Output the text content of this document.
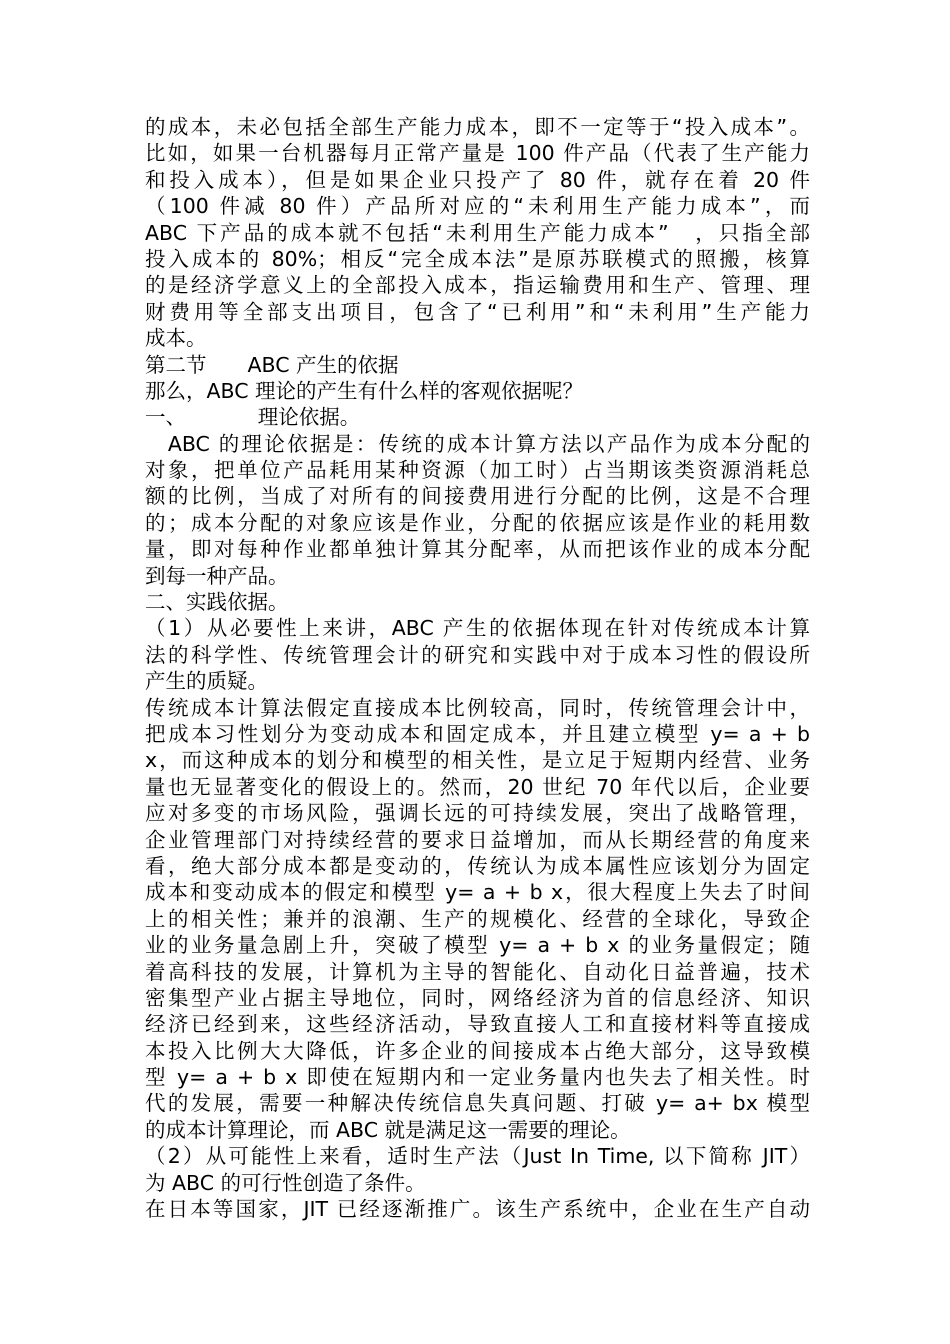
的成本，未必包括全部生产能力成本，即不一定等于“投入成本”。
比如，如果一台机器每月正常产量是 100 件产品（代表了生产能力
和投入成本），但是如果企业只投产了 80 件，就存在着 20 件
（100 件减 80 件）产品所对应的“未利用生产能力成本”，而
ABC 下产品的成本就不包括“未利用生产能力成本”　，只指全部
投入成本的 80%；相反“完全成本法”是原苏联模式的照搬，核算
的是经济学意义上的全部投入成本，指运输费用和生产、管理、理
财费用等全部支出项目，包含了“已利用”和“未利用”生产能力
成本。
第二节　　ABC 产生的依据
那么，ABC 理论的产生有什么样的客观依据呢？
一、　　　　理论依据。
　ABC 的理论依据是：传统的成本计算方法以产品作为成本分配的
对象，把单位产品耗用某种资源（加工时）占当期该类资源消耗总
额的比例，当成了对所有的间接费用进行分配的比例，这是不合理
的；成本分配的对象应该是作业，分配的依据应该是作业的耗用数
量，即对每种作业都单独计算其分配率，从而把该作业的成本分配
到每一种产品。
二、实践依据。
（1）从必要性上来讲，ABC 产生的依据体现在针对传统成本计算
法的科学性、传统管理会计的研究和实践中对于成本习性的假设所
产生的质疑。
传统成本计算法假定直接成本比例较高，同时，传统管理会计中，
把成本习性划分为变动成本和固定成本，并且建立模型 y= a + b
x，而这种成本的划分和模型的相关性，是立足于短期内经营、业务
量也无显著变化的假设上的。然而，20 世纪 70 年代以后，企业要
应对多变的市场风险，强调长远的可持续发展，突出了战略管理，
企业管理部门对持续经营的要求日益增加，而从长期经营的角度来
看，绝大部分成本都是变动的，传统认为成本属性应该划分为固定
成本和变动成本的假定和模型 y= a + b x，很大程度上失去了时间
上的相关性；兼并的浪潮、生产的规模化、经营的全球化，导致企
业的业务量急剧上升，突破了模型 y= a + b x 的业务量假定；随
着高科技的发展，计算机为主导的智能化、自动化日益普遍，技术
密集型产业占据主导地位，同时，网络经济为首的信息经济、知识
经济已经到来，这些经济活动，导致直接人工和直接材料等直接成
本投入比例大大降低，许多企业的间接成本占绝大部分，这导致模
型 y= a + b x 即使在短期内和一定业务量内也失去了相关性。时
代的发展，需要一种解决传统信息失真问题、打破 y= a+ bx 模型
的成本计算理论，而 ABC 就是满足这一需要的理论。
（2）从可能性上来看，适时生产法（Just In Time, 以下简称 JIT）
为 ABC 的可行性创造了条件。
在日本等国家，JIT 已经逐渐推广。该生产系统中，企业在生产自动
